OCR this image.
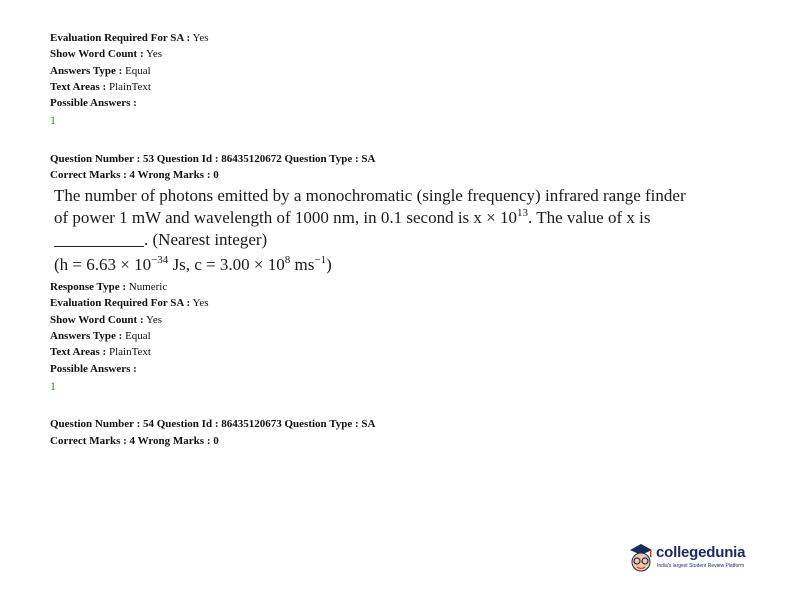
Evaluation Required For SA : Yes
Show Word Count : Yes
Answers Type : Equal
Text Areas : PlainText
Possible Answers :
1
Question Number : 53 Question Id : 86435120672 Question Type : SA
Correct Marks : 4 Wrong Marks : 0
The number of photons emitted by a monochromatic (single frequency) infrared range finder
of power 1 mW and wavelength of 1000 nm, in 0.1 second is $x \times 10^{13}$. The value of x is
. (Nearest integer)
($h = 6.63 \times 10^{-34}$ Js, $c = 3.00 \times 10^8$ $ms^{-1}$)
Response Type : Numeric
Evaluation Required For SA : Yes
Show Word Count : Yes
Answers Type : Equal
Text Areas : PlainText
Possible Answers :
1
Question Number : 54 Question Id : 86435120673 Question Type : SA
Correct Marks : 4 Wrong Marks : 0
collegedunia
India's largest Student Review Platform
